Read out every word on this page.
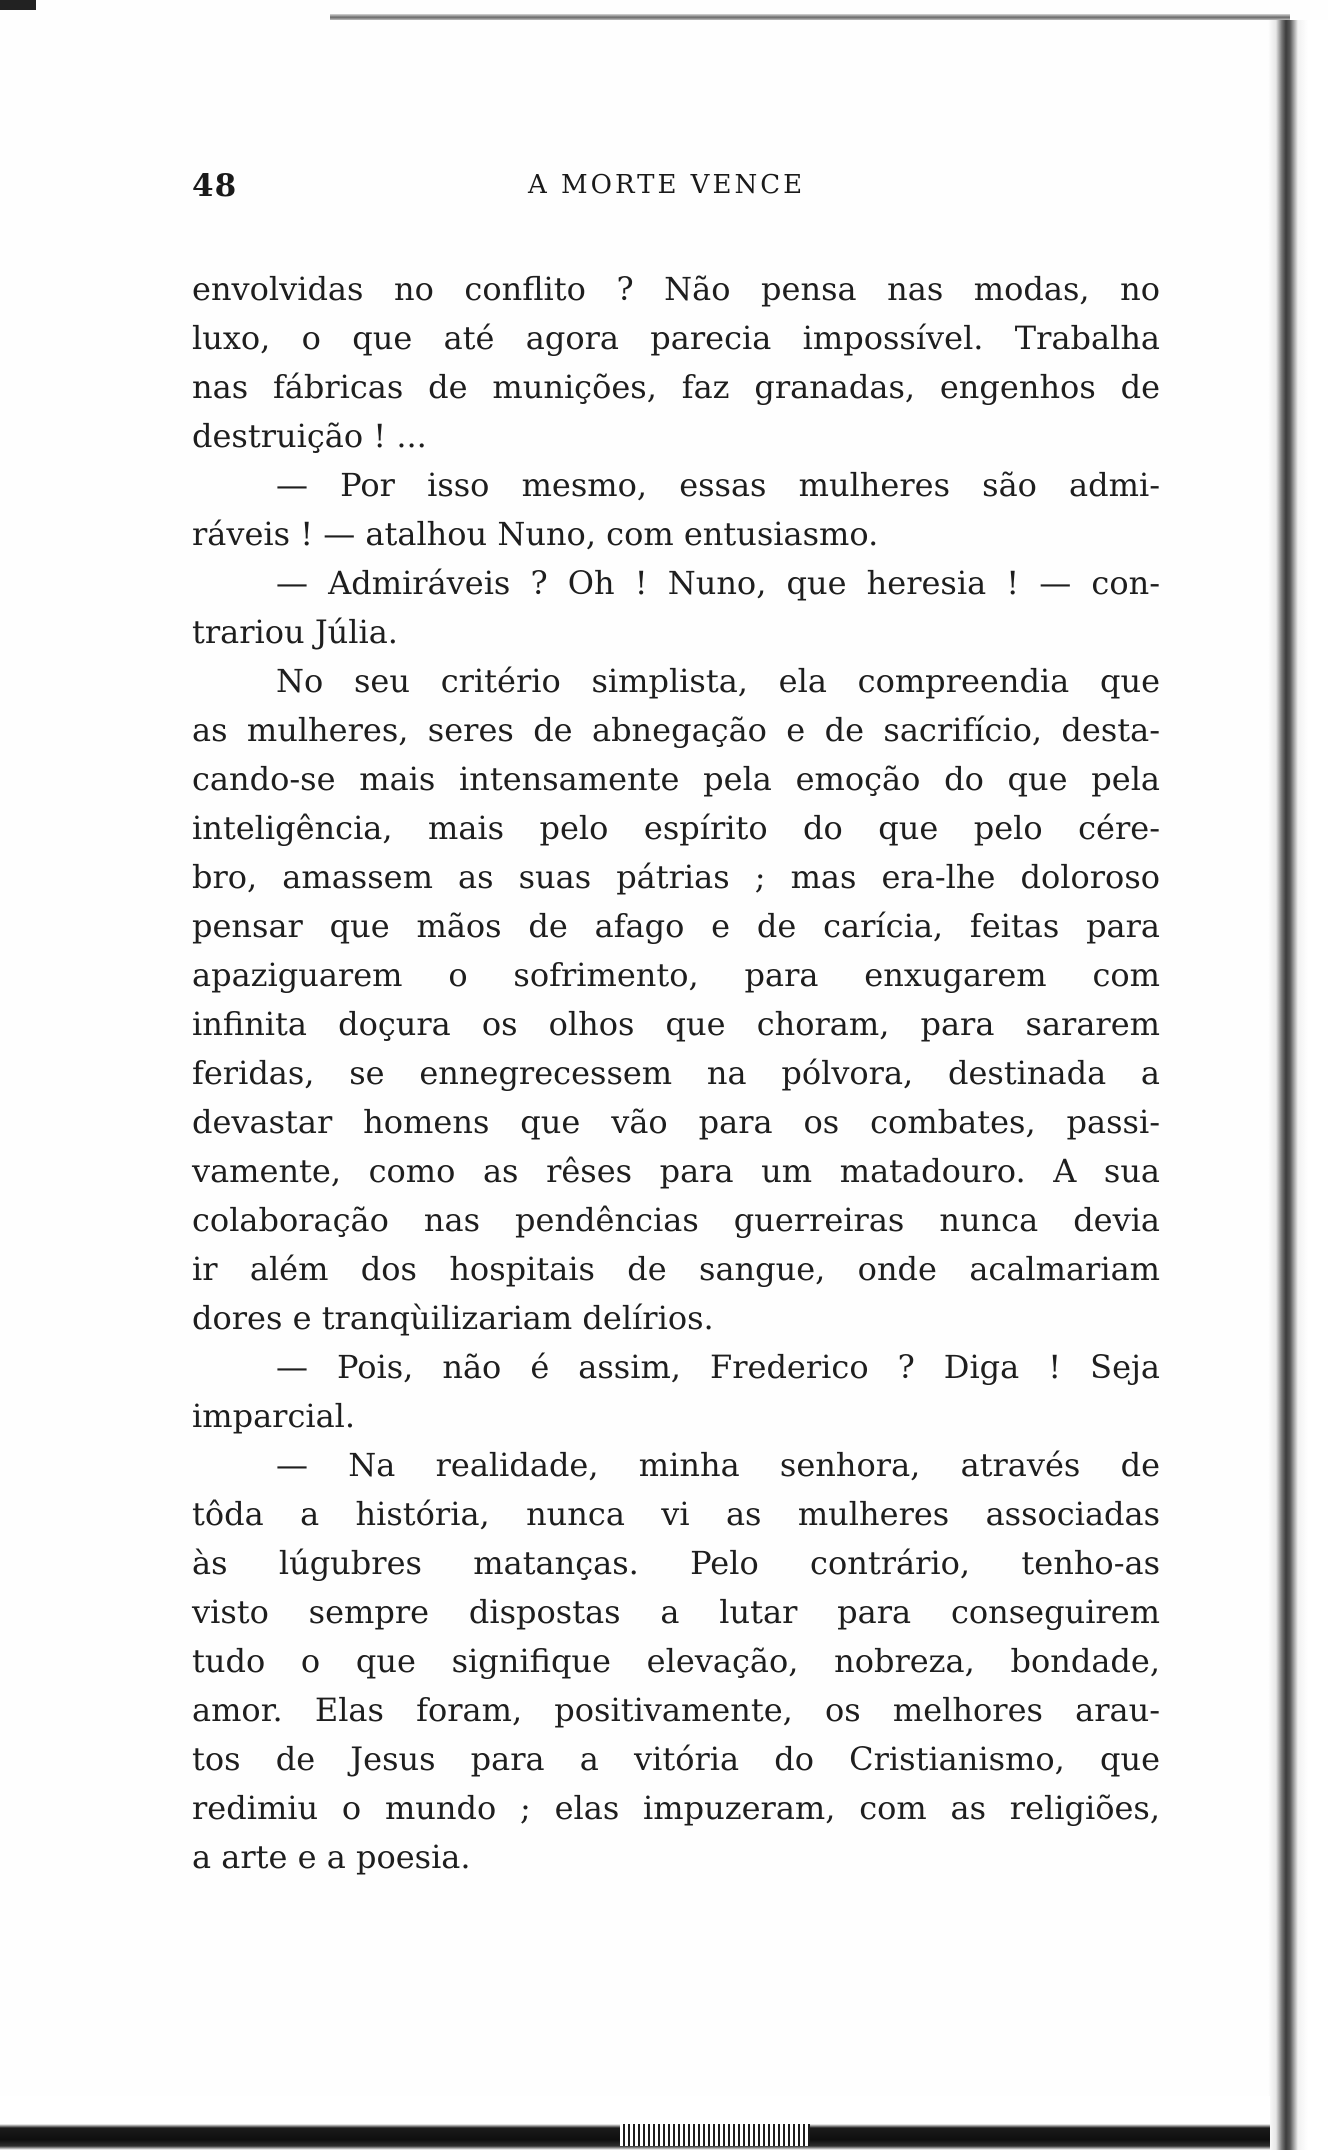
48	A MORTE VENCE
envolvidas no conflito ? Não pensa nas modas, no
luxo, o que até agora parecia impossível. Trabalha
nas fábricas de munições, faz granadas, engenhos de
destruição ! ...
— Por isso mesmo, essas mulheres são admi-
ráveis ! — atalhou Nuno, com entusiasmo.
— Admiráveis ? Oh ! Nuno, que heresia ! — con-
trariou Júlia.
No seu critério simplista, ela compreendia que
as mulheres, seres de abnegação e de sacrifício, desta-
cando-se mais intensamente pela emoção do que pela
inteligência, mais pelo espírito do que pelo cére-
bro, amassem as suas pátrias ; mas era-lhe doloroso
pensar que mãos de afago e de carícia, feitas para
apaziguarem o sofrimento, para enxugarem com
infinita doçura os olhos que choram, para sararem
feridas, se ennegrecessem na pólvora, destinada a
devastar homens que vão para os combates, passi-
vamente, como as rêses para um matadouro. A sua
colaboração nas pendências guerreiras nunca devia
ir além dos hospitais de sangue, onde acalmariam
dores e tranqùilizariam delírios.
— Pois, não é assim, Frederico ? Diga ! Seja
imparcial.
— Na realidade, minha senhora, através de
tôda a história, nunca vi as mulheres associadas
às lúgubres matanças. Pelo contrário, tenho-as
visto sempre dispostas a lutar para conseguirem
tudo o que signifique elevação, nobreza, bondade,
amor. Elas foram, positivamente, os melhores arau-
tos de Jesus para a vitória do Cristianismo, que
redimiu o mundo ; elas impuzeram, com as religiões,
a arte e a poesia.
